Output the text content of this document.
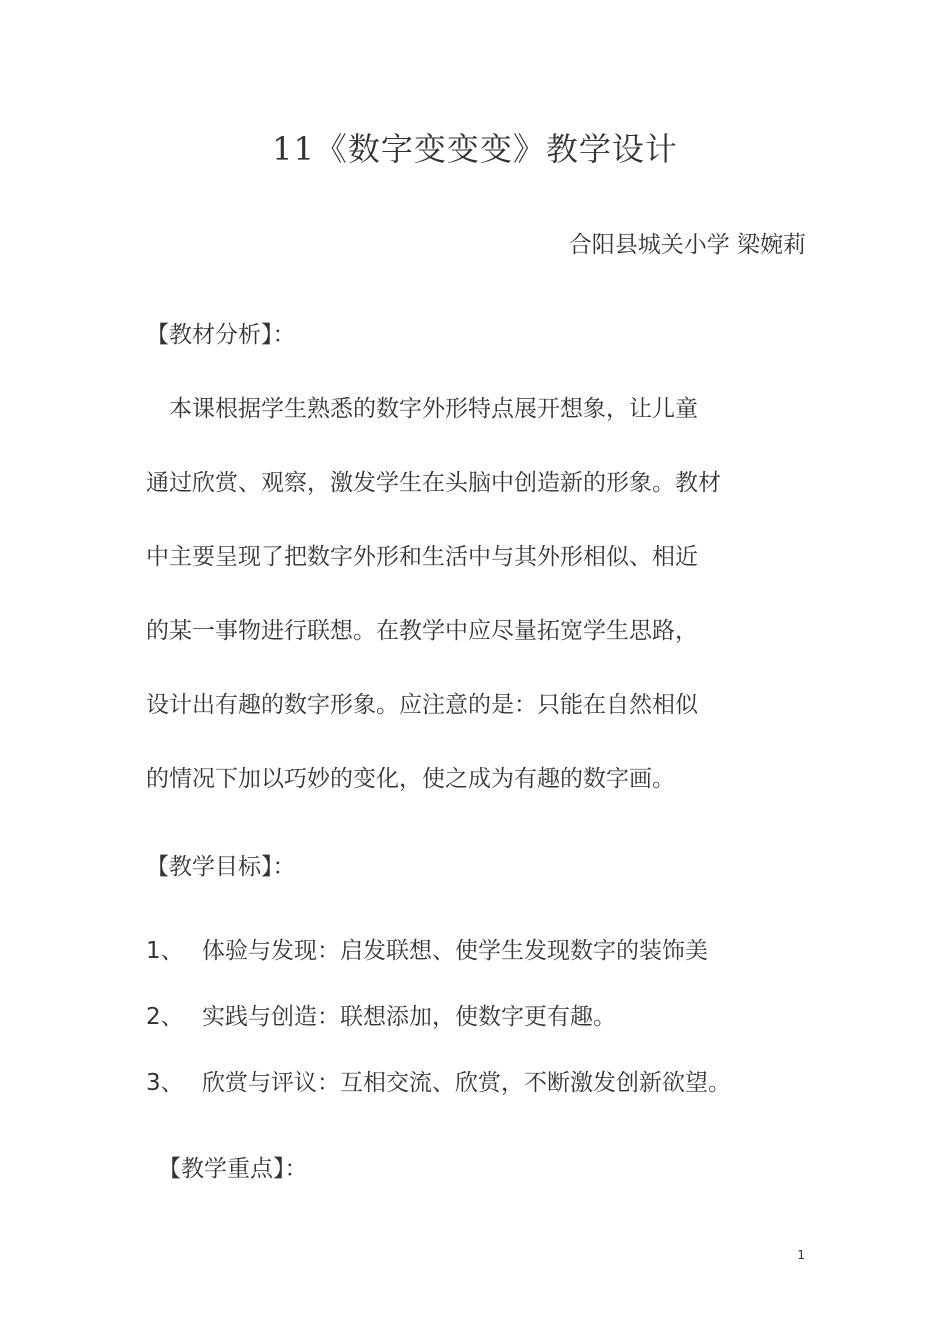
11《数字变变变》教学设计
合阳县城关小学 梁婉莉
【教材分析】：
　本课根据学生熟悉的数字外形特点展开想象，让儿童
通过欣赏、观察，激发学生在头脑中创造新的形象。教材
中主要呈现了把数字外形和生活中与其外形相似、相近
的某一事物进行联想。在教学中应尽量拓宽学生思路，
设计出有趣的数字形象。应注意的是：只能在自然相似
的情况下加以巧妙的变化，使之成为有趣的数字画。
【教学目标】：
1、 体验与发现：启发联想、使学生发现数字的装饰美
2、 实践与创造：联想添加，使数字更有趣。
3、 欣赏与评议：互相交流、欣赏，不断激发创新欲望。
【教学重点】：
1
